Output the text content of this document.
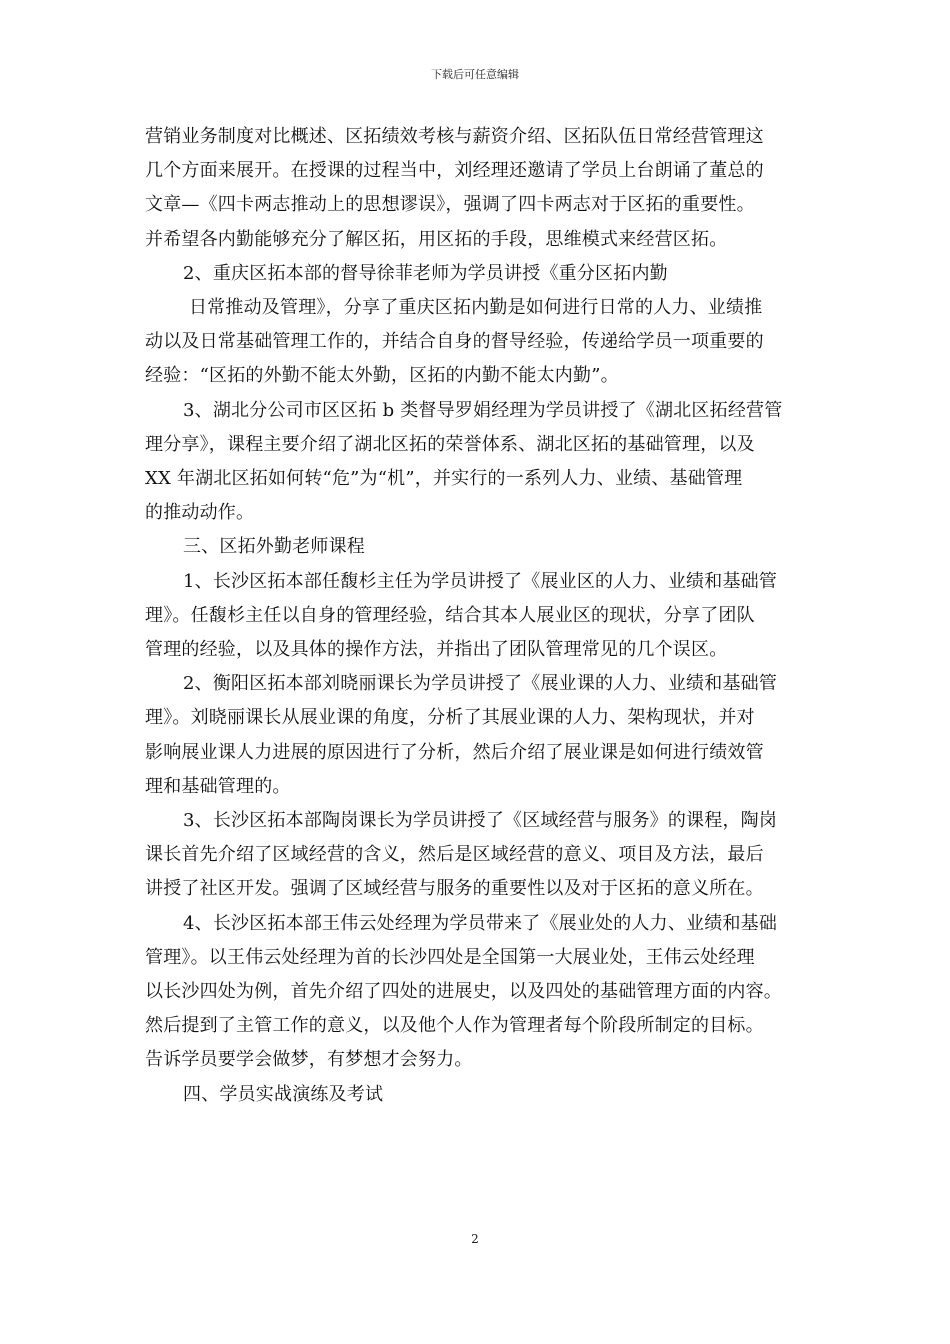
下载后可任意编辑

营销业务制度对比概述、区拓绩效考核与薪资介绍、区拓队伍日常经营管理这

几个方面来展开。在授课的过程当中，刘经理还邀请了学员上台朗诵了董总的

文章—《四卡两志推动上的思想谬误》，强调了四卡两志对于区拓的重要性。

并希望各内勤能够充分了解区拓，用区拓的手段，思维模式来经营区拓。

2、重庆区拓本部的督导徐菲老师为学员讲授《重分区拓内勤

日常推动及管理》，分享了重庆区拓内勤是如何进行日常的人力、业绩推

动以及日常基础管理工作的，并结合自身的督导经验，传递给学员一项重要的

经验：“区拓的外勤不能太外勤，区拓的内勤不能太内勤”。

3、湖北分公司市区区拓 b 类督导罗娟经理为学员讲授了《湖北区拓经营管

理分享》，课程主要介绍了湖北区拓的荣誉体系、湖北区拓的基础管理，以及

XX 年湖北区拓如何转“危”为“机”，并实行的一系列人力、业绩、基础管理

的推动动作。

三、区拓外勤老师课程

1、长沙区拓本部任馥杉主任为学员讲授了《展业区的人力、业绩和基础管

理》。任馥杉主任以自身的管理经验，结合其本人展业区的现状，分享了团队

管理的经验，以及具体的操作方法，并指出了团队管理常见的几个误区。

2、衡阳区拓本部刘晓丽课长为学员讲授了《展业课的人力、业绩和基础管

理》。刘晓丽课长从展业课的角度，分析了其展业课的人力、架构现状，并对

影响展业课人力进展的原因进行了分析，然后介绍了展业课是如何进行绩效管

理和基础管理的。

3、长沙区拓本部陶岗课长为学员讲授了《区域经营与服务》的课程，陶岗

课长首先介绍了区域经营的含义，然后是区域经营的意义、项目及方法，最后

讲授了社区开发。强调了区域经营与服务的重要性以及对于区拓的意义所在。

4、长沙区拓本部王伟云处经理为学员带来了《展业处的人力、业绩和基础

管理》。以王伟云处经理为首的长沙四处是全国第一大展业处，王伟云处经理

以长沙四处为例，首先介绍了四处的进展史，以及四处的基础管理方面的内容。

然后提到了主管工作的意义，以及他个人作为管理者每个阶段所制定的目标。

告诉学员要学会做梦，有梦想才会努力。

四、学员实战演练及考试

2
